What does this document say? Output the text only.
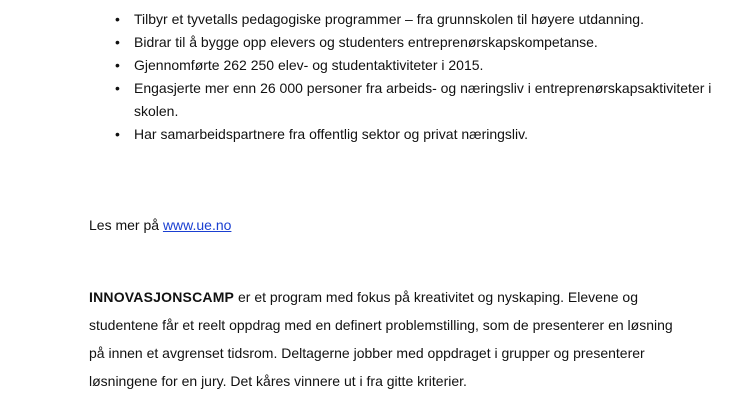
• Tilbyr et tyvetalls pedagogiske programmer – fra grunnskolen til høyere utdanning.
• Bidrar til å bygge opp elevers og studenters entreprenørskapskompetanse.
• Gjennomførte 262 250 elev- og studentaktiviteter i 2015.
• Engasjerte mer enn 26 000 personer fra arbeids- og næringsliv i entreprenørskapsaktiviteter i skolen.
• Har samarbeidspartnere fra offentlig sektor og privat næringsliv.

Les mer på www.ue.no

INNOVASJONSCAMP er et program med fokus på kreativitet og nyskaping. Elevene og studentene får et reelt oppdrag med en definert problemstilling, som de presenterer en løsning på innen et avgrenset tidsrom. Deltagerne jobber med oppdraget i grupper og presenterer løsningene for en jury. Det kåres vinnere ut i fra gitte kriterier.
